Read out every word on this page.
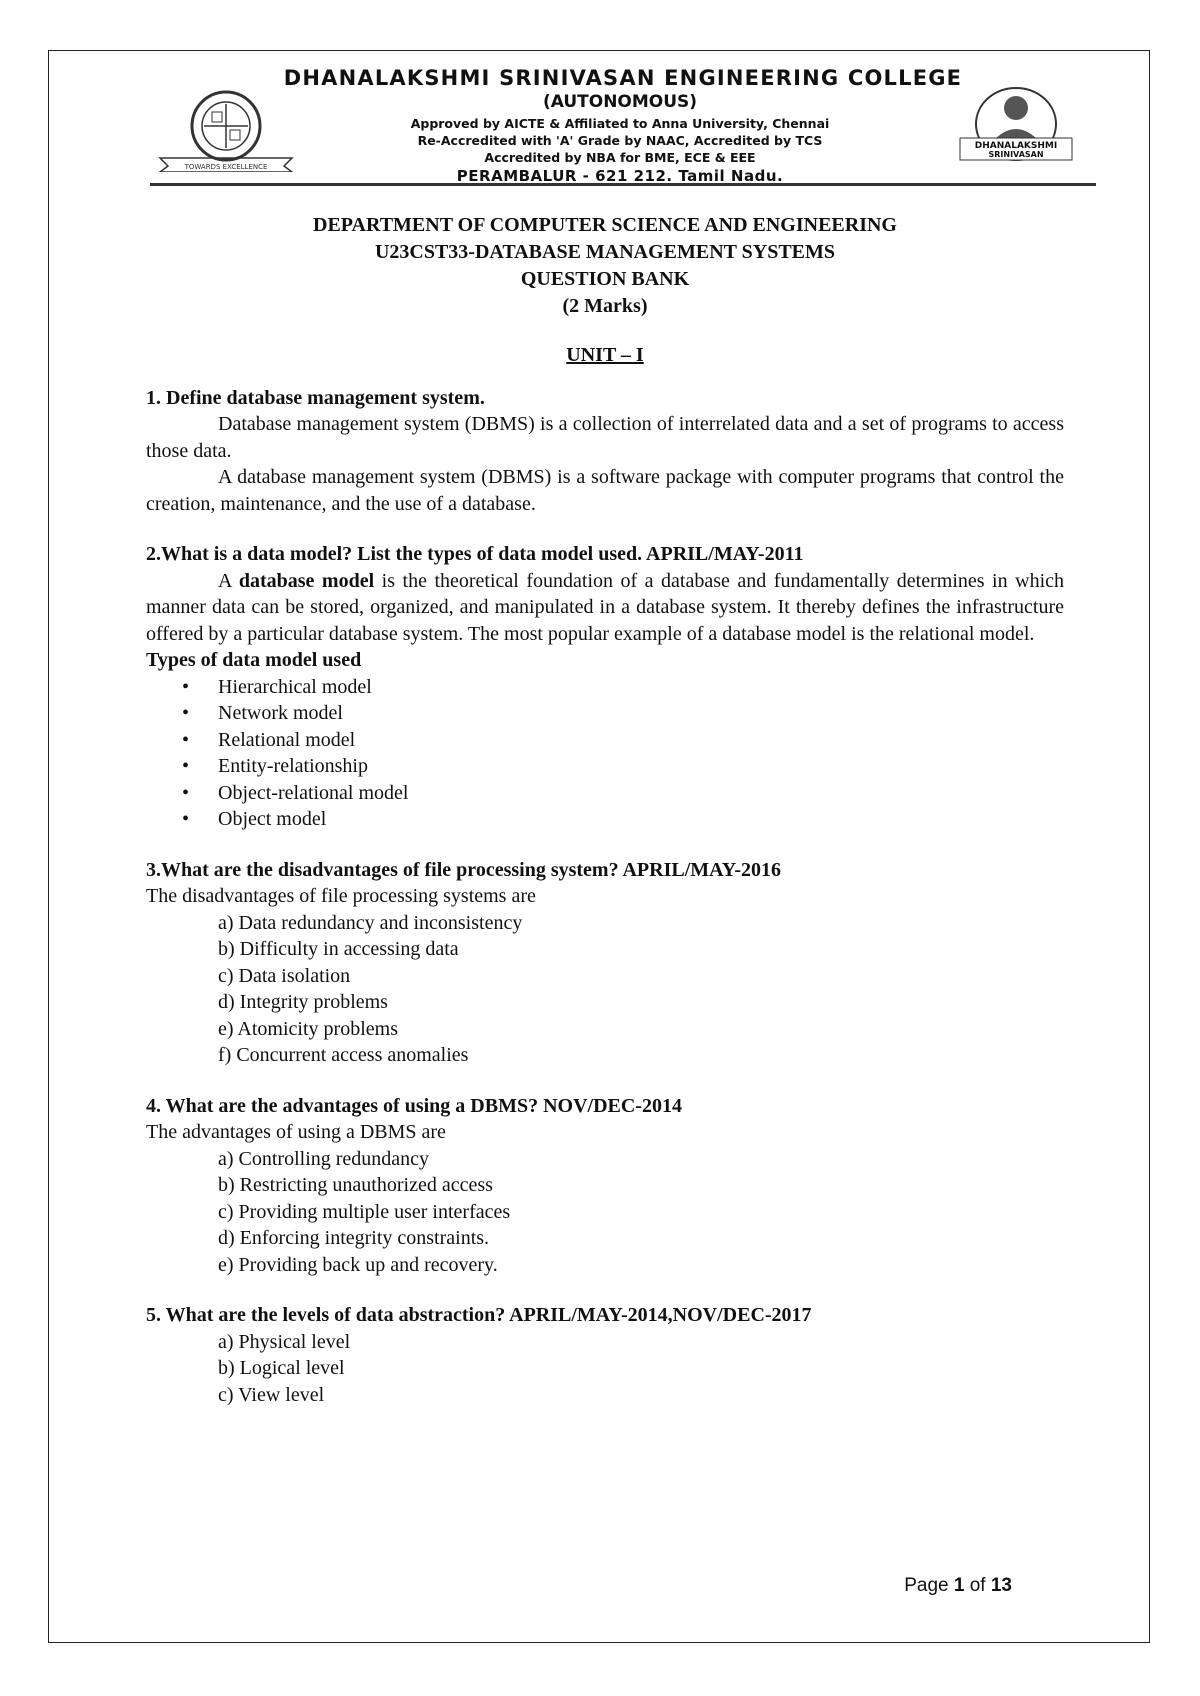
TOWARDS EXCELLENCE
DHANALAKSHMI SRINIVASAN ENGINEERING COLLEGE
(AUTONOMOUS)
Approved by AICTE & Affiliated to Anna University, Chennai
Re-Accredited with 'A' Grade by NAAC, Accredited by TCS
Accredited by NBA for BME, ECE & EEE
PERAMBALUR - 621 212. Tamil Nadu.
DHANALAKSHMI
SRINIVASAN
DEPARTMENT OF COMPUTER SCIENCE AND ENGINEERING
U23CST33-DATABASE MANAGEMENT SYSTEMS
QUESTION BANK
(2 Marks)
UNIT – I
1. Define database management system.
Database management system (DBMS) is a collection of interrelated data and a set of programs to access those data.
A database management system (DBMS) is a software package with computer programs that control the creation, maintenance, and the use of a database.
2.What is a data model? List the types of data model used. APRIL/MAY-2011
A database model is the theoretical foundation of a database and fundamentally determines in which manner data can be stored, organized, and manipulated in a database system. It thereby defines the infrastructure offered by a particular database system. The most popular example of a database model is the relational model.
Types of data model used
• Hierarchical model
• Network model
• Relational model
• Entity-relationship
• Object-relational model
• Object model
3.What are the disadvantages of file processing system? APRIL/MAY-2016
The disadvantages of file processing systems are
a) Data redundancy and inconsistency
b) Difficulty in accessing data
c) Data isolation
d) Integrity problems
e) Atomicity problems
f) Concurrent access anomalies
4. What are the advantages of using a DBMS? NOV/DEC-2014
The advantages of using a DBMS are
a) Controlling redundancy
b) Restricting unauthorized access
c) Providing multiple user interfaces
d) Enforcing integrity constraints.
e) Providing back up and recovery.
5. What are the levels of data abstraction? APRIL/MAY-2014,NOV/DEC-2017
a) Physical level
b) Logical level
c) View level
Page 1 of 13
